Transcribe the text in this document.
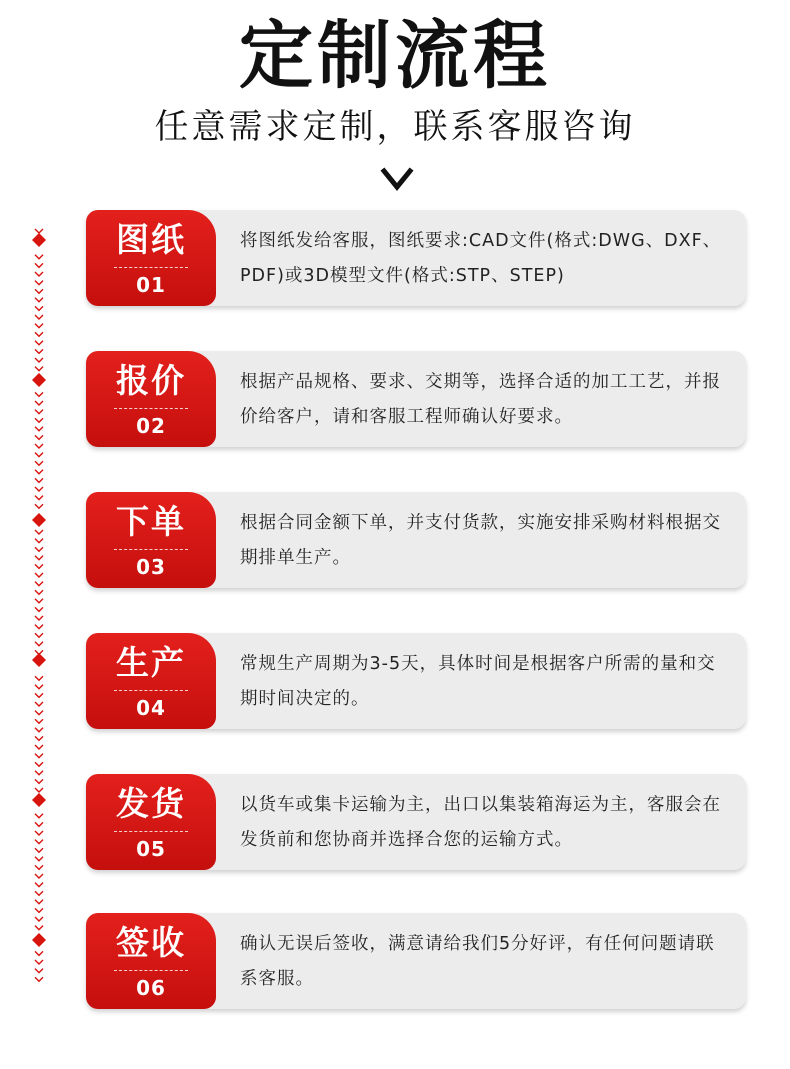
定制流程
任意需求定制，联系客服咨询
图纸
01
将图纸发给客服，图纸要求:CAD文件(格式:DWG、DXF、PDF)或3D模型文件(格式:STP、STEP)
报价
02
根据产品规格、要求、交期等，选择合适的加工工艺，并报价给客户，请和客服工程师确认好要求。
下单
03
根据合同金额下单，并支付货款，实施安排采购材料根据交期排单生产。
生产
04
常规生产周期为3-5天，具体时间是根据客户所需的量和交期时间决定的。
发货
05
以货车或集卡运输为主，出口以集装箱海运为主，客服会在发货前和您协商并选择合您的运输方式。
签收
06
确认无误后签收，满意请给我们5分好评，有任何问题请联系客服。
